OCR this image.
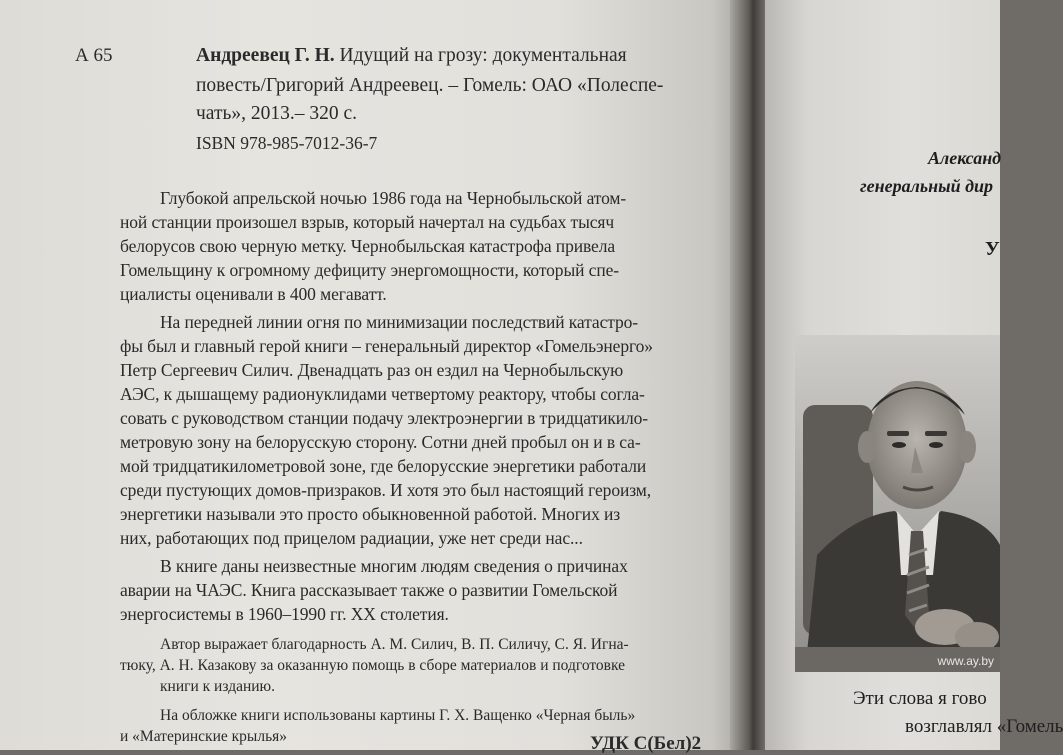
А 65	Андреевец Г. Н. Идущий на грозу: документальная
повесть/Григорий Андреевец. – Гомель: ОАО «Полеспе-
чать», 2013.– 320 с.
ISBN 978-985-7012-36-7
Глубокой апрельской ночью 1986 года на Чернобыльской атом-
ной станции произошел взрыв, который начертал на судьбах тысяч
белорусов свою черную метку. Чернобыльская катастрофа привела
Гомельщину к огромному дефициту энергомощности, который спе-
циалисты оценивали в 400 мегаватт.
На передней линии огня по минимизации последствий катастро-
фы был и главный герой книги – генеральный директор «Гомельэнерго»
Петр Сергеевич Силич. Двенадцать раз он ездил на Чернобыльскую
АЭС, к дышащему радионуклидами четвертому реактору, чтобы согла-
совать с руководством станции подачу электроэнергии в тридцатикило-
метровую зону на белорусскую сторону. Сотни дней пробыл он и в са-
мой тридцатикилометровой зоне, где белорусские энергетики работали
среди пустующих домов-призраков. И хотя это был настоящий героизм,
энергетики называли это просто обыкновенной работой. Многих из
них, работающих под прицелом радиации, уже нет среди нас...
В книге даны неизвестные многим людям сведения о причинах
аварии на ЧАЭС. Книга рассказывает также о развитии Гомельской
энергосистемы в 1960–1990 гг. ХХ столетия.
Автор выражает благодарность А. М. Силич, В. П. Силичу, С. Я. Игна-
тюку, А. Н. Казакову за оказанную помощь в сборе материалов и подготовке
книги к изданию.
На обложке книги использованы картины Г. Х. Ващенко «Черная быль»
и «Материнские крылья»	УДК С(Бел)2
Александ
генеральный дир
У
Эти слова я гово
возглавлял «Гомель
www.ay.by
